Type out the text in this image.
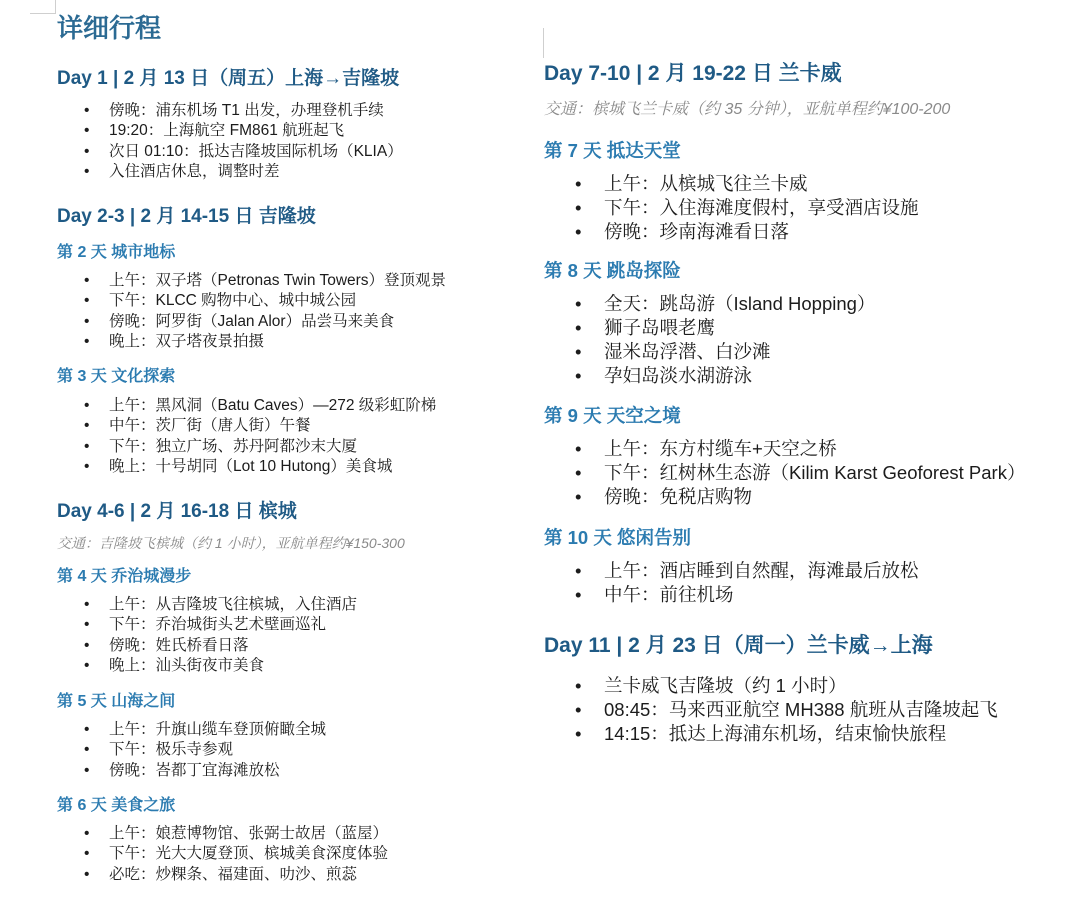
详细行程
Day 1 | 2 月 13 日（周五）上海→吉隆坡
• 傍晚：浦东机场 T1 出发，办理登机手续
• 19:20：上海航空 FM861 航班起飞
• 次日 01:10：抵达吉隆坡国际机场（KLIA）
• 入住酒店休息，调整时差
Day 2-3 | 2 月 14-15 日 吉隆坡
第 2 天 城市地标
• 上午：双子塔（Petronas Twin Towers）登顶观景
• 下午：KLCC 购物中心、城中城公园
• 傍晚：阿罗街（Jalan Alor）品尝马来美食
• 晚上：双子塔夜景拍摄
第 3 天 文化探索
• 上午：黑风洞（Batu Caves）—272 级彩虹阶梯
• 中午：茨厂街（唐人街）午餐
• 下午：独立广场、苏丹阿都沙末大厦
• 晚上：十号胡同（Lot 10 Hutong）美食城
Day 4-6 | 2 月 16-18 日 槟城

交通：吉隆坡飞槟城（约 1 小时），亚航单程约¥150-300

第 4 天 乔治城漫步
• 上午：从吉隆坡飞往槟城，入住酒店
• 下午：乔治城街头艺术壁画巡礼
• 傍晚：姓氏桥看日落
• 晚上：汕头街夜市美食
第 5 天 山海之间
• 上午：升旗山缆车登顶俯瞰全城
• 下午：极乐寺参观
• 傍晚：峇都丁宜海滩放松
第 6 天 美食之旅
• 上午：娘惹博物馆、张弼士故居（蓝屋）
• 下午：光大大厦登顶、槟城美食深度体验
• 必吃：炒粿条、福建面、叻沙、煎蕊
Day 7-10 | 2 月 19-22 日 兰卡威

交通：槟城飞兰卡威（约 35 分钟），亚航单程约¥100-200

第 7 天 抵达天堂
• 上午：从槟城飞往兰卡威
• 下午：入住海滩度假村，享受酒店设施
• 傍晚：珍南海滩看日落
第 8 天 跳岛探险
• 全天：跳岛游（Island Hopping）
• 狮子岛喂老鹰
• 湿米岛浮潜、白沙滩
• 孕妇岛淡水湖游泳
第 9 天 天空之境
• 上午：东方村缆车+天空之桥
• 下午：红树林生态游（Kilim Karst Geoforest Park）
• 傍晚：免税店购物
第 10 天 悠闲告别
• 上午：酒店睡到自然醒，海滩最后放松
• 中午：前往机场
Day 11 | 2 月 23 日（周一）兰卡威→上海
• 兰卡威飞吉隆坡（约 1 小时）
• 08:45：马来西亚航空 MH388 航班从吉隆坡起飞
• 14:15：抵达上海浦东机场，结束愉快旅程
